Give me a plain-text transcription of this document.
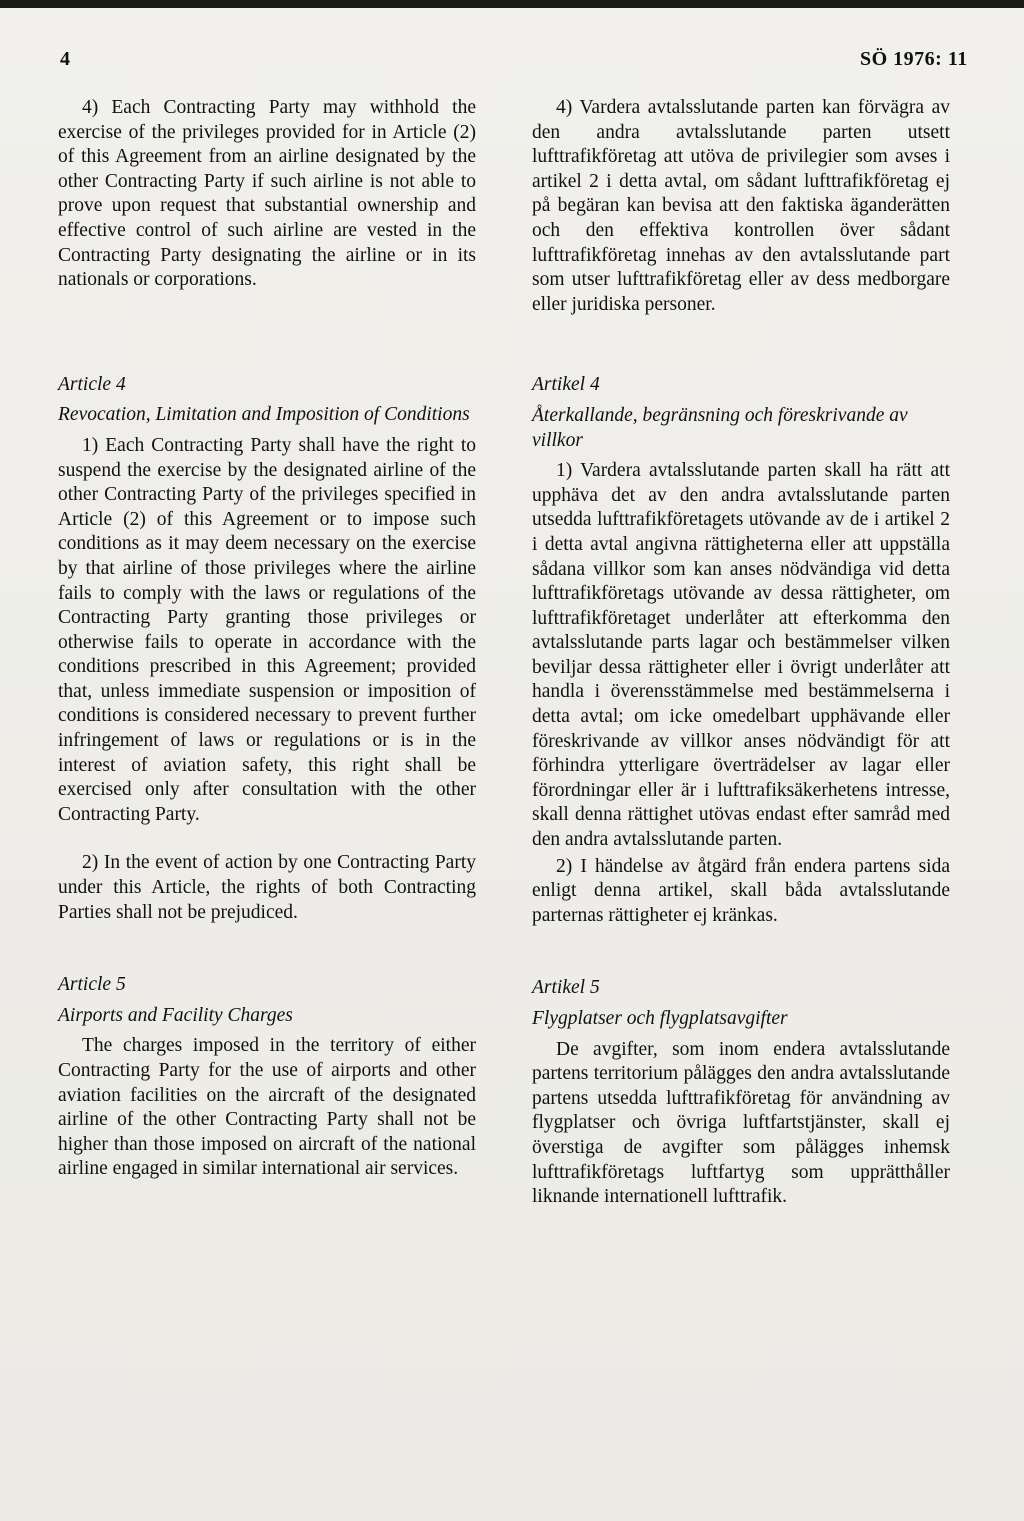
4	SÖ 1976: 11

4) Each Contracting Party may withhold the exercise of the privileges provided for in Article (2) of this Agreement from an airline designated by the other Contracting Party if such airline is not able to prove upon request that substantial ownership and effective control of such airline are vested in the Contracting Party designating the airline or in its nationals or corporations.

Article 4
Revocation, Limitation and Imposition of Conditions

1) Each Contracting Party shall have the right to suspend the exercise by the designated airline of the other Contracting Party of the privileges specified in Article (2) of this Agreement or to impose such conditions as it may deem necessary on the exercise by that airline of those privileges where the airline fails to comply with the laws or regulations of the Contracting Party granting those privileges or otherwise fails to operate in accordance with the conditions prescribed in this Agreement; provided that, unless immediate suspension or imposition of conditions is considered necessary to prevent further infringement of laws or regulations or is in the interest of aviation safety, this right shall be exercised only after consultation with the other Contracting Party.

2) In the event of action by one Contracting Party under this Article, the rights of both Contracting Parties shall not be prejudiced.

Article 5
Airports and Facility Charges

The charges imposed in the territory of either Contracting Party for the use of airports and other aviation facilities on the aircraft of the designated airline of the other Contracting Party shall not be higher than those imposed on aircraft of the national airline engaged in similar international air services.

4) Vardera avtalsslutande parten kan förvägra av den andra avtalsslutande parten utsett lufttrafikföretag att utöva de privilegier som avses i artikel 2 i detta avtal, om sådant lufttrafikföretag ej på begäran kan bevisa att den faktiska äganderätten och den effektiva kontrollen över sådant lufttrafikföretag innehas av den avtalsslutande part som utser lufttrafikföretag eller av dess medborgare eller juridiska personer.

Artikel 4
Återkallande, begränsning och föreskrivande av villkor

1) Vardera avtalsslutande parten skall ha rätt att upphäva det av den andra avtalsslutande parten utsedda lufttrafikföretagets utövande av de i artikel 2 i detta avtal angivna rättigheterna eller att uppställa sådana villkor som kan anses nödvändiga vid detta lufttrafikföretags utövande av dessa rättigheter, om lufttrafikföretaget underlåter att efterkomma den avtalsslutande parts lagar och bestämmelser vilken beviljar dessa rättigheter eller i övrigt underlåter att handla i överensstämmelse med bestämmelserna i detta avtal; om icke omedelbart upphävande eller föreskrivande av villkor anses nödvändigt för att förhindra ytterligare överträdelser av lagar eller förordningar eller är i lufttrafiksäkerhetens intresse, skall denna rättighet utövas endast efter samråd med den andra avtalsslutande parten.

2) I händelse av åtgärd från endera partens sida enligt denna artikel, skall båda avtalsslutande parternas rättigheter ej kränkas.

Artikel 5
Flygplatser och flygplatsavgifter

De avgifter, som inom endera avtalsslutande partens territorium pålägges den andra avtalsslutande partens utsedda lufttrafikföretag för användning av flygplatser och övriga luftfartstjänster, skall ej överstiga de avgifter som pålägges inhemsk lufttrafikföretags luftfartyg som upprätthåller liknande internationell lufttrafik.
